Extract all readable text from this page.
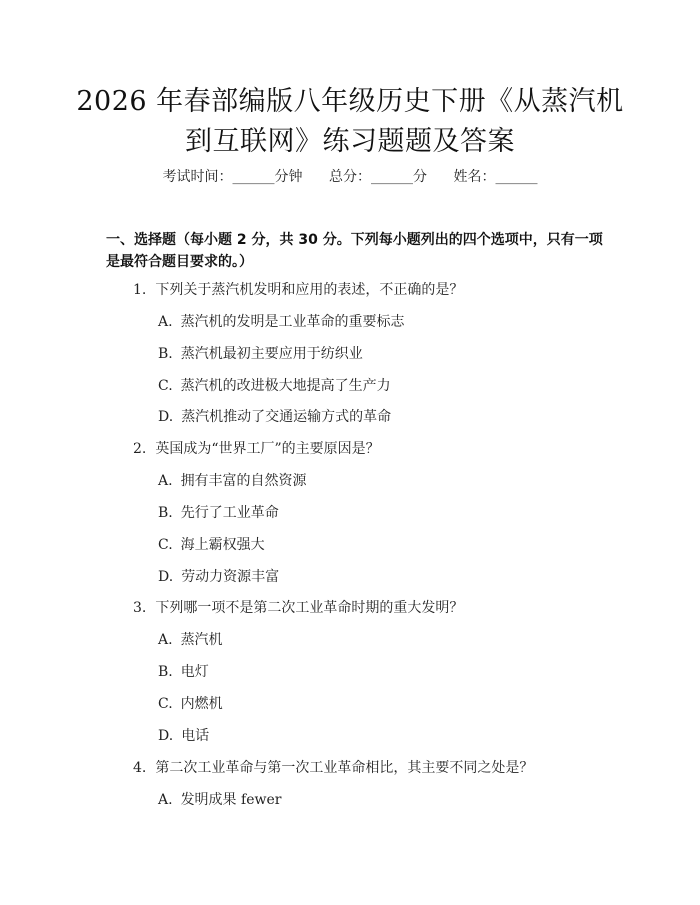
2026 年春部编版八年级历史下册《从蒸汽机
到互联网》练习题题及答案
考试时间：______分钟 总分：______分 姓名：______

一、选择题（每小题 2 分，共 30 分。下列每小题列出的四个选项中，只有一项是最符合题目要求的。）

1. 下列关于蒸汽机发明和应用的表述，不正确的是？
A. 蒸汽机的发明是工业革命的重要标志
B. 蒸汽机最初主要应用于纺织业
C. 蒸汽机的改进极大地提高了生产力
D. 蒸汽机推动了交通运输方式的革命
2. 英国成为“世界工厂”的主要原因是？
A. 拥有丰富的自然资源
B. 先行了工业革命
C. 海上霸权强大
D. 劳动力资源丰富
3. 下列哪一项不是第二次工业革命时期的重大发明？
A. 蒸汽机
B. 电灯
C. 内燃机
D. 电话
4. 第二次工业革命与第一次工业革命相比，其主要不同之处是？
A. 发明成果 fewer
